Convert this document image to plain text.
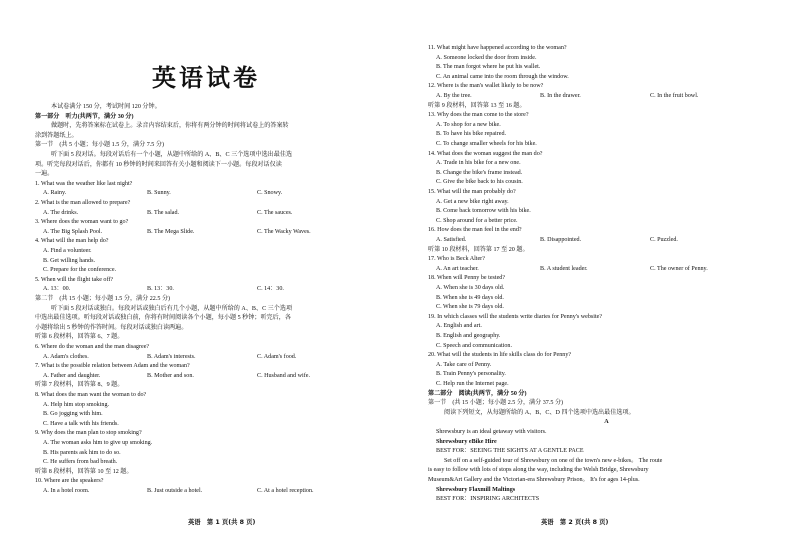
英语试卷
本试卷满分 150 分，考试时间 120 分钟。
第一部分　听力(共两节，满分 30 分)
做题时，先将答案标在试卷上。录音内容结束后，你将有两分钟的时间将试卷上的答案转
涂到答题纸上。
第一节　(共 5 小题；每小题 1.5 分，满分 7.5 分)
听下面 5 段对话。每段对话后有一个小题，从题中所给的 A、B、C 三个选项中选出最佳选
项。听完每段对话后，你都有 10 秒钟的时间来回答有关小题和阅读下一小题。每段对话仅读
一遍。
1. What was the weather like last night?
A. Rainy.	B. Sunny.	C. Snowy.
2. What is the man allowed to prepare?
A. The drinks.	B. The salad.	C. The sauces.
3. Where does the woman want to go?
A. The Big Splash Pool.	B. The Mega Slide.	C. The Wacky Waves.
4. What will the man help do?
A. Find a volunteer.
B. Get willing hands.
C. Prepare for the conference.
5. When will the flight take off?
A. 13：00.	B. 13：30.	C. 14：30.
第二节　(共 15 小题；每小题 1.5 分，满分 22.5 分)
听下面 5 段对话或独白。每段对话或独白后有几个小题，从题中所给的 A、B、C 三个选项
中选出最佳选项。听每段对话或独白前，你将有时间阅读各个小题，每小题 5 秒钟；听完后，各
小题将给出 5 秒钟的作答时间。每段对话或独白读两遍。
听第 6 段材料，回答第 6、7 题。
6. Where do the woman and the man disagree?
A. Adam's clothes.	B. Adam's interests.	C. Adam's food.
7. What is the possible relation between Adam and the woman?
A. Father and daughter.	B. Mother and son.	C. Husband and wife.
听第 7 段材料，回答第 8、9 题。
8. What does the man want the woman to do?
A. Help him stop smoking.
B. Go jogging with him.
C. Have a talk with his friends.
9. Why does the man plan to stop smoking?
A. The woman asks him to give up smoking.
B. His parents ask him to do so.
C. He suffers from bad breath.
听第 8 段材料，回答第 10 至 12 题。
10. Where are the speakers?
A. In a hotel room.	B. Just outside a hotel.	C. At a hotel reception.
11. What might have happened according to the woman?
A. Someone locked the door from inside.
B. The man forgot where he put his wallet.
C. An animal came into the room through the window.
12. Where is the man's wallet likely to be now?
A. By the tree.	B. In the drawer.	C. In the fruit bowl.
听第 9 段材料，回答第 13 至 16 题。
13. Why does the man come to the store?
A. To shop for a new bike.
B. To have his bike repaired.
C. To change smaller wheels for his bike.
14. What does the woman suggest the man do?
A. Trade in his bike for a new one.
B. Change the bike's frame instead.
C. Give the bike back to his cousin.
15. What will the man probably do?
A. Get a new bike right away.
B. Come back tomorrow with his bike.
C. Shop around for a better price.
16. How does the man feel in the end?
A. Satisfied.	B. Disappointed.	C. Puzzled.
听第 10 段材料，回答第 17 至 20 题。
17. Who is Beck Alter?
A. An art teacher.	B. A student leader.	C. The owner of Penny.
18. When will Penny be tested?
A. When she is 30 days old.
B. When she is 49 days old.
C. When she is 79 days old.
19. In which classes will the students write diaries for Penny's website?
A. English and art.
B. English and geography.
C. Speech and communication.
20. What will the students in life skills class do for Penny?
A. Take care of Penny.
B. Train Penny's personality.
C. Help run the Internet page.
第二部分　阅读(共两节，满分 50 分)
第一节　(共 15 小题；每小题 2.5 分，满分 37.5 分)
阅读下列短文，从每题所给的 A、B、C、D 四个选项中选出最佳选项。
A
Shrewsbury is an ideal getaway with visitors.
Shrewsbury eBike Hire
BEST FOR：SEEING THE SIGHTS AT A GENTLE PACE
Set off on a self-guided tour of Shrewsbury on one of the town's new e-bikes。 The route
is easy to follow with lots of stops along the way, including the Welsh Bridge, Shrewsbury
Museum&Art Gallery and the Victorian-era Shrewsbury Prison。 It's for ages 14-plus.
Shrewsbury Flaxmill Maltings
BEST FOR：INSPIRING ARCHITECTS
英语　第 1 页(共 8 页)	英语　第 2 页(共 8 页)
